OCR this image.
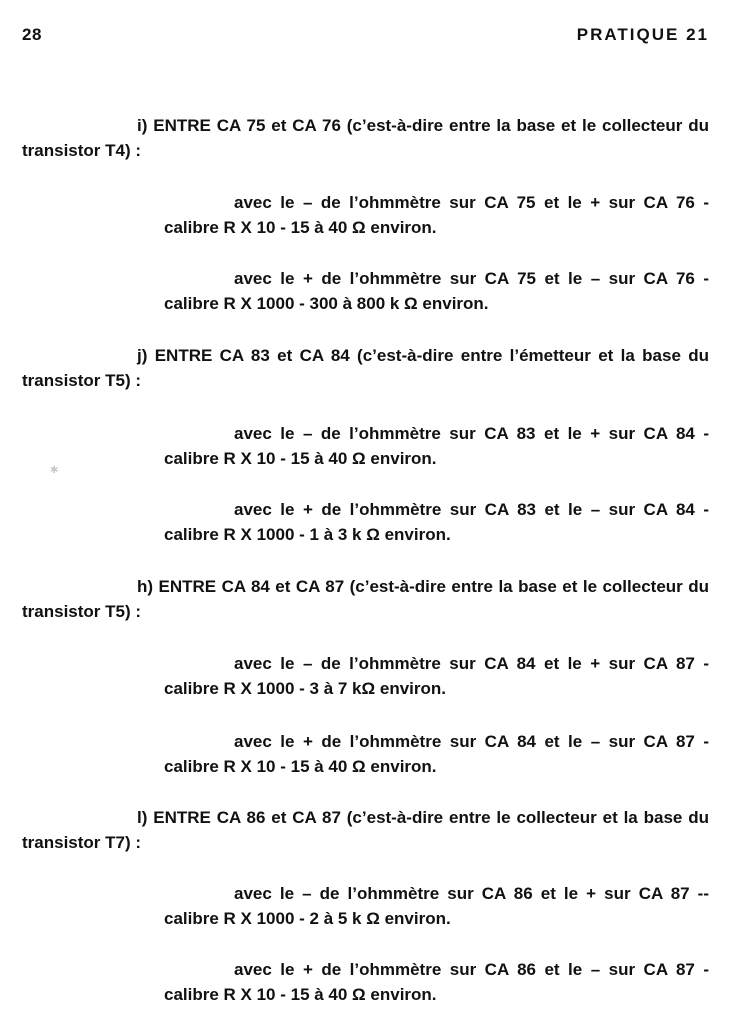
28	PRATIQUE 21

i) ENTRE CA 75 et CA 76 (c’est-à-dire entre la base et le collecteur du transistor T4) :

avec le – de l’ohmmètre sur CA 75 et le + sur CA 76 - calibre R X 10 - 15 à 40 Ω environ.

avec le + de l’ohmmètre sur CA 75 et le – sur CA 76 - calibre R X 1000 - 300 à 800 k Ω environ.

j) ENTRE CA 83 et CA 84 (c’est-à-dire entre l’émetteur et la base du transistor T5) :

avec le – de l’ohmmètre sur CA 83 et le + sur CA 84 - calibre R X 10 - 15 à 40 Ω environ.

avec le + de l’ohmmètre sur CA 83 et le – sur CA 84 - calibre R X 1000 - 1 à 3 k Ω environ.

h) ENTRE CA 84 et CA 87 (c’est-à-dire entre la base et le collecteur du transistor T5) :

avec le – de l’ohmmètre sur CA 84 et le + sur CA 87 - calibre R X 1000 - 3 à 7 kΩ environ.

avec le + de l’ohmmètre sur CA 84 et le – sur CA 87 - calibre R X 10 - 15 à 40 Ω environ.

l) ENTRE CA 86 et CA 87 (c’est-à-dire entre le collecteur et la base du transistor T7) :

avec le – de l’ohmmètre sur CA 86 et le + sur CA 87 --calibre R X 1000 - 2 à 5 k Ω environ.

avec le + de l’ohmmètre sur CA 86 et le – sur CA 87 - calibre R X 10 - 15 à 40 Ω environ.

✱
